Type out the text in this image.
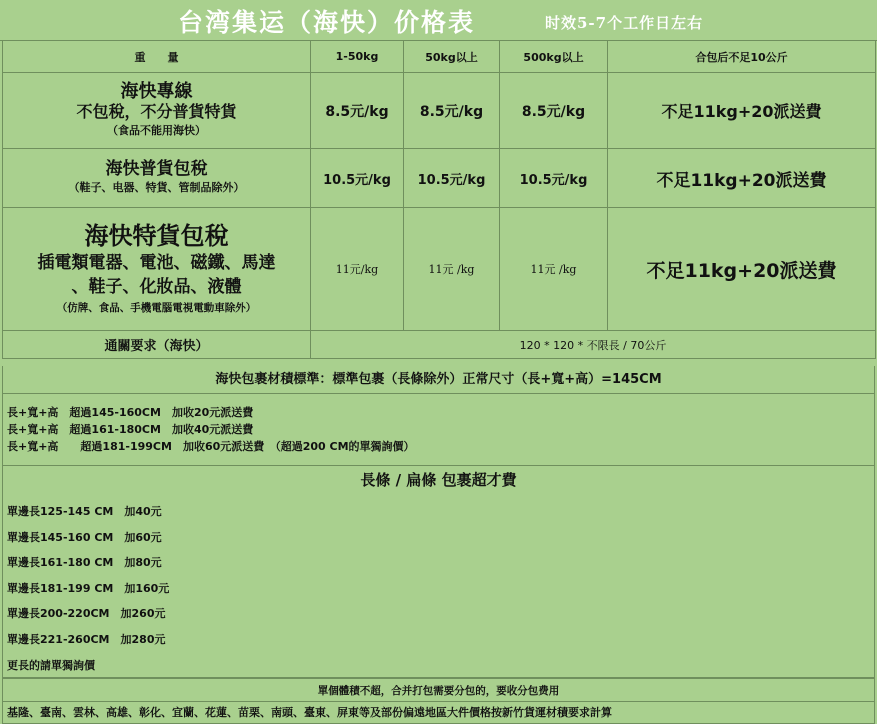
台湾集运（海快）价格表	时效5-7个工作日左右
重　　量	1-50kg	50kg以上	500kg以上	合包后不足10公斤

海快專線
不包稅，不分普貨特貨
（食品不能用海快）	8.5元/kg	8.5元/kg	8.5元/kg	不足11kg+20派送費

海快普貨包稅
（鞋子、电器、特貨、管制品除外）	10.5元/kg	10.5元/kg	10.5元/kg	不足11kg+20派送費

海快特貨包稅
插電類電器、電池、磁鐵、馬達
、鞋子、化妝品、液體
（仿牌、食品、手機電腦電視電動車除外）	11元/kg	11元 /kg	11元 /kg	不足11kg+20派送費
通關要求（海快）	120 * 120 * 不限長 / 70公斤			
海快包裹材積標準：標準包裹（長條除外）正常尺寸（長+寬+高）=145CM
長+寬+高　超過145-160CM　加收20元派送費
長+寬+高　超過161-180CM　加收40元派送費
長+寬+高　　超過181-199CM　加收60元派送費　（超過200 CM的單獨詢價）
長條 / 扁條 包裹超才費
單邊長125-145 CM　加40元
單邊長145-160 CM　加60元
單邊長161-180 CM　加80元
單邊長181-199 CM　加160元
單邊長200-220CM　加260元
單邊長221-260CM　加280元
更長的請單獨詢價
單個體積不超，合并打包需要分包的，要收分包费用
基隆、臺南、雲林、高雄、彰化、宜蘭、花蓮、苗栗、南頭、臺東、屏東等及部份偏遠地區大件價格按新竹貨運材積要求計算
